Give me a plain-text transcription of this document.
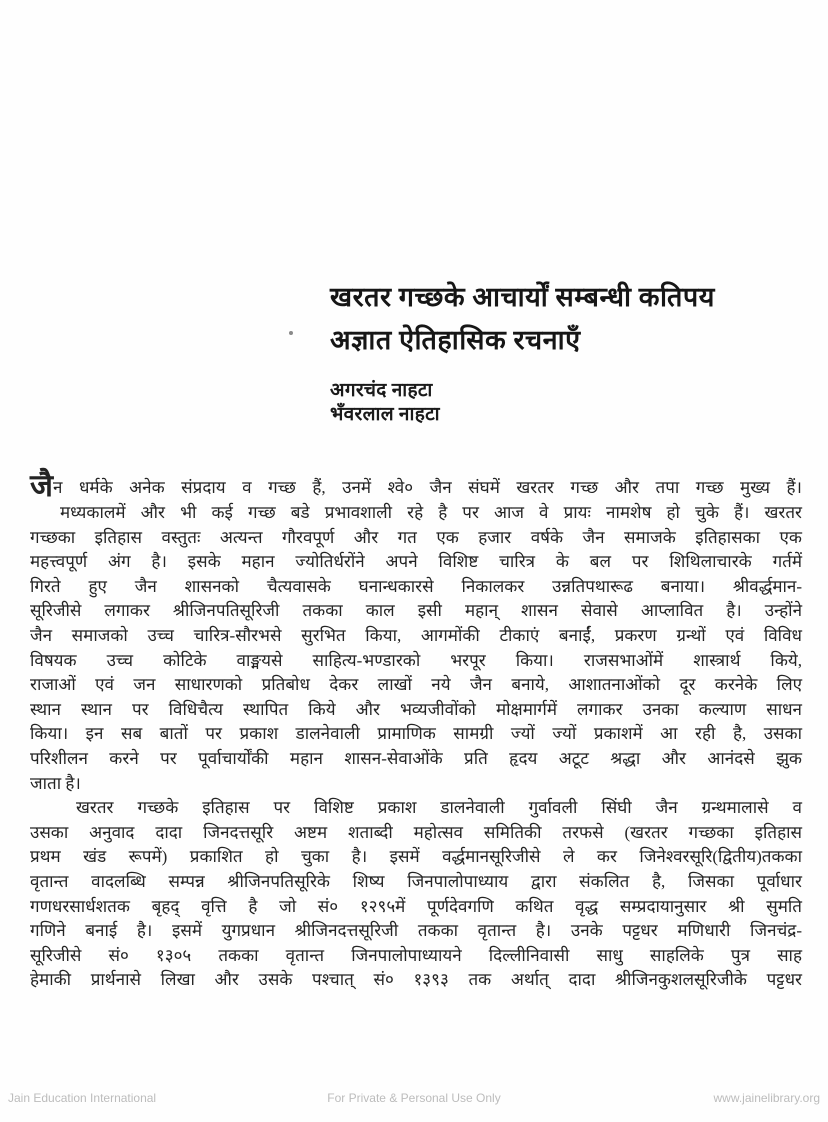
खरतर गच्छके आचार्यों सम्बन्धी कतिपय
अज्ञात ऐतिहासिक रचनाएँ
अगरचंद नाहटा
भँवरलाल नाहटा
जैन धर्मके अनेक संप्रदाय व गच्छ हैं, उनमें श्वे० जैन संघमें खरतर गच्छ और तपा गच्छ मुख्य हैं।
मध्यकालमें और भी कई गच्छ बडे प्रभावशाली रहे है पर आज वे प्रायः नामशेष हो चुके हैं। खरतर
गच्छका इतिहास वस्तुतः अत्यन्त गौरवपूर्ण और गत एक हजार वर्षके जैन समाजके इतिहासका एक
महत्त्वपूर्ण अंग है। इसके महान ज्योतिर्धरोंने अपने विशिष्ट चारित्र के बल पर शिथिलाचारके गर्तमें
गिरते हुए जैन शासनको चैत्यवासके घनान्धकारसे निकालकर उन्नतिपथारूढ बनाया। श्रीवर्द्धमान-
सूरिजीसे लगाकर श्रीजिनपतिसूरिजी तकका काल इसी महान् शासन सेवासे आप्लावित है। उन्होंने
जैन समाजको उच्च चारित्र-सौरभसे सुरभित किया, आगमोंकी टीकाएं बनाईं, प्रकरण ग्रन्थों एवं विविध
विषयक उच्च कोटिके वाङ्मयसे साहित्य-भण्डारको भरपूर किया। राजसभाओंमें शास्त्रार्थ किये,
राजाओं एवं जन साधारणको प्रतिबोध देकर लाखों नये जैन बनाये, आशातनाओंको दूर करनेके लिए
स्थान स्थान पर विधिचैत्य स्थापित किये और भव्यजीवोंको मोक्षमार्गमें लगाकर उनका कल्याण साधन
किया। इन सब बातों पर प्रकाश डालनेवाली प्रामाणिक सामग्री ज्यों ज्यों प्रकाशमें आ रही है, उसका
परिशीलन करने पर पूर्वाचार्योंकी महान शासन-सेवाओंके प्रति हृदय अटूट श्रद्धा और आनंदसे झुक
जाता है।
खरतर गच्छके इतिहास पर विशिष्ट प्रकाश डालनेवाली गुर्वावली सिंघी जैन ग्रन्थमालासे व
उसका अनुवाद दादा जिनदत्तसूरि अष्टम शताब्दी महोत्सव समितिकी तरफसे (खरतर गच्छका इतिहास
प्रथम खंड रूपमें) प्रकाशित हो चुका है। इसमें वर्द्धमानसूरिजीसे ले कर जिनेश्वरसूरि(द्वितीय)तकका
वृतान्त वादलब्धि सम्पन्न श्रीजिनपतिसूरिके शिष्य जिनपालोपाध्याय द्वारा संकलित है, जिसका पूर्वाधार
गणधरसार्धशतक बृहद् वृत्ति है जो सं० १२९५में पूर्णदेवगणि कथित वृद्ध सम्प्रदायानुसार श्री सुमति
गणिने बनाई है। इसमें युगप्रधान श्रीजिनदत्तसूरिजी तकका वृतान्त है। उनके पट्टधर मणिधारी जिनचंद्र-
सूरिजीसे सं० १३०५ तकका वृतान्त जिनपालोपाध्यायने दिल्लीनिवासी साधु साहलिके पुत्र साह
हेमाकी प्रार्थनासे लिखा और उसके पश्चात् सं० १३९३ तक अर्थात् दादा श्रीजिनकुशलसूरिजीके पट्टधर
Jain Education International	For Private & Personal Use Only	www.jainelibrary.org
